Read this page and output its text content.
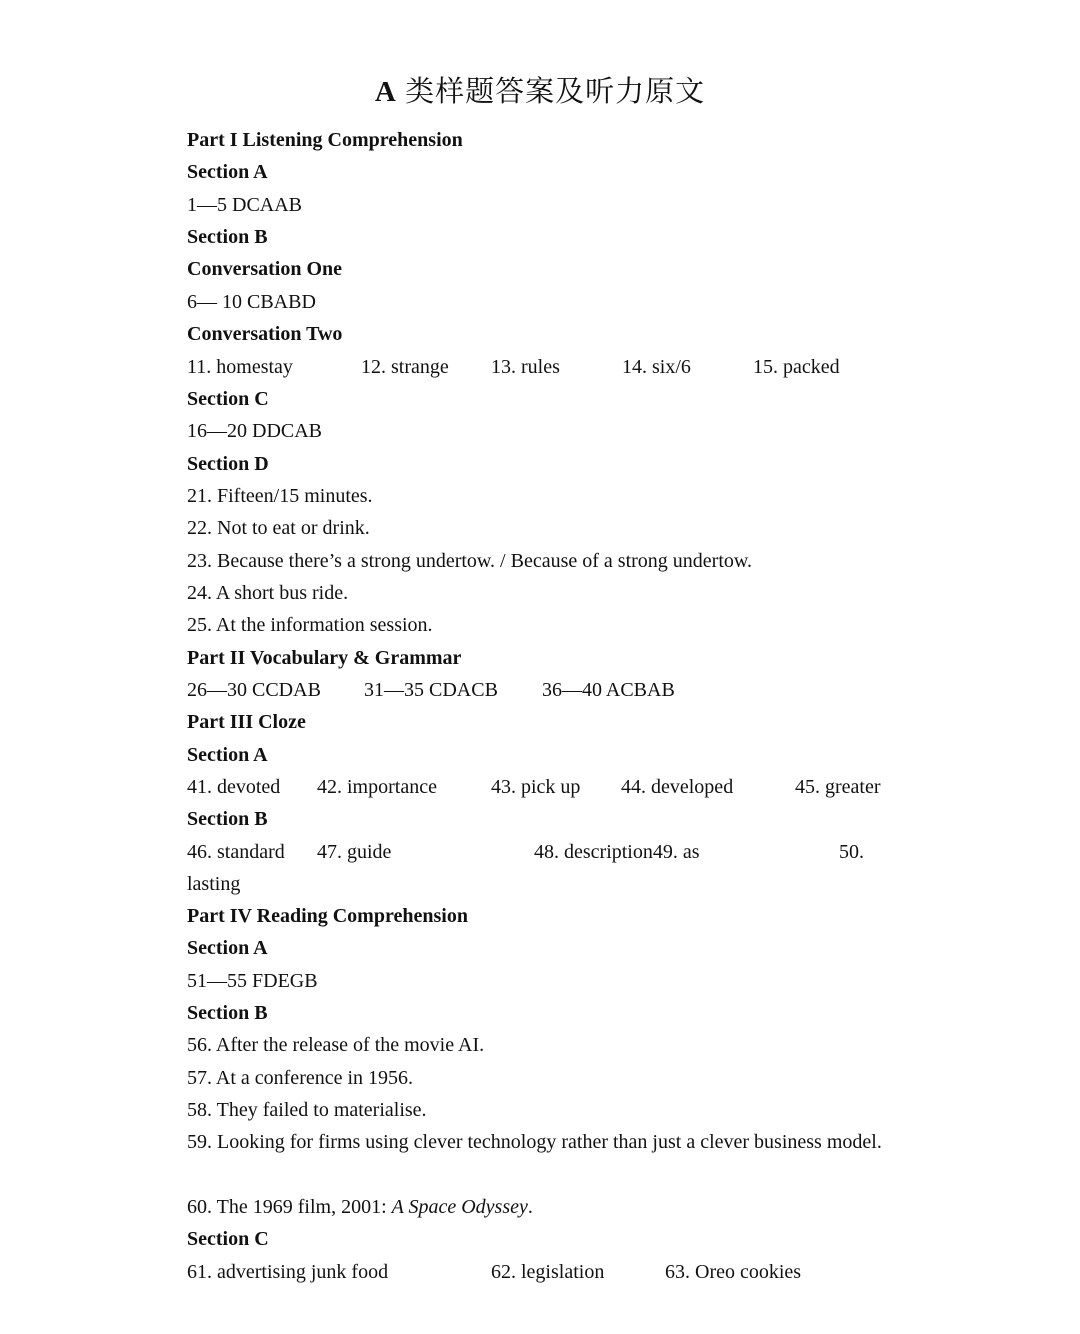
A 类样题答案及听力原文
Part I Listening Comprehension
Section A
1—5 DCAAB
Section B
Conversation One
6— 10 CBABD
Conversation Two
11. homestay	12. strange 13. rules	14. six/6	15. packed
Section C
16—20 DDCAB
Section D
21. Fifteen/15 minutes.
22. Not to eat or drink.
23. Because there’s a strong undertow. / Because of a strong undertow.
24. A short bus ride.
25. At the information session.
Part II Vocabulary & Grammar
26—30 CCDAB 31—35 CDACB 36—40 ACBAB
Part III Cloze
Section A
41. devoted 42. importance	43. pick up 44. developed	45. greater
Section B
46. standard 47. guide	48. description49. as	50.
lasting
Part IV Reading Comprehension
Section A
51—55 FDEGB
Section B
56. After the release of the movie AI.
57. At a conference in 1956.
58. They failed to materialise.
59. Looking for firms using clever technology rather than just a clever business model.
60. The 1969 film, 2001: A Space Odyssey.
Section C
61. advertising junk food	62. legislation	63. Oreo cookies
